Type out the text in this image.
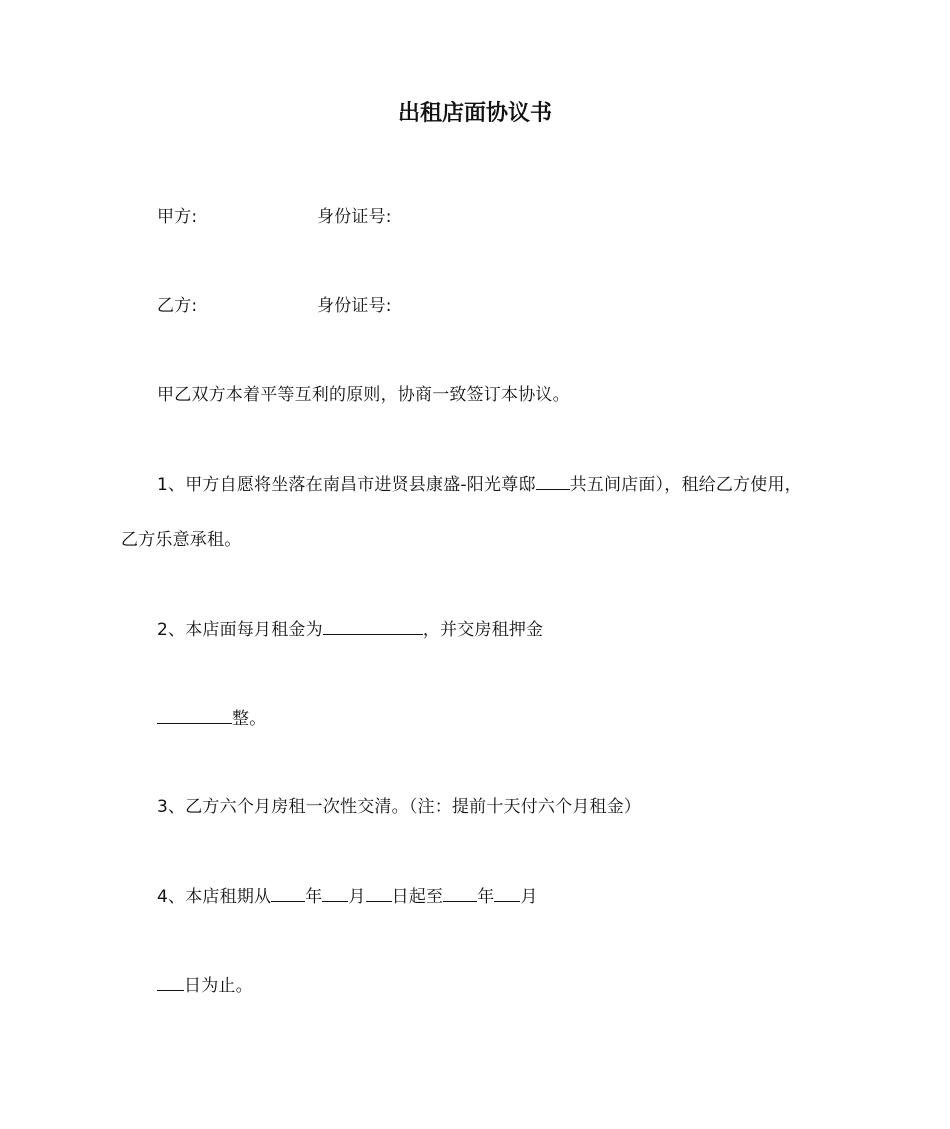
出租店面协议书
甲方:	身份证号:
乙方:	身份证号:
甲乙双方本着平等互利的原则，协商一致签订本协议。
1、甲方自愿将坐落在南昌市进贤县康盛-阳光尊邸 共五间店面），租给乙方使用，
乙方乐意承租。
2、本店面每月租金为	，并交房租押金
整。
3、乙方六个月房租一次性交清。（注：提前十天付六个月租金）
4、本店租期从 年 月 日起至 年 月
日为止。
